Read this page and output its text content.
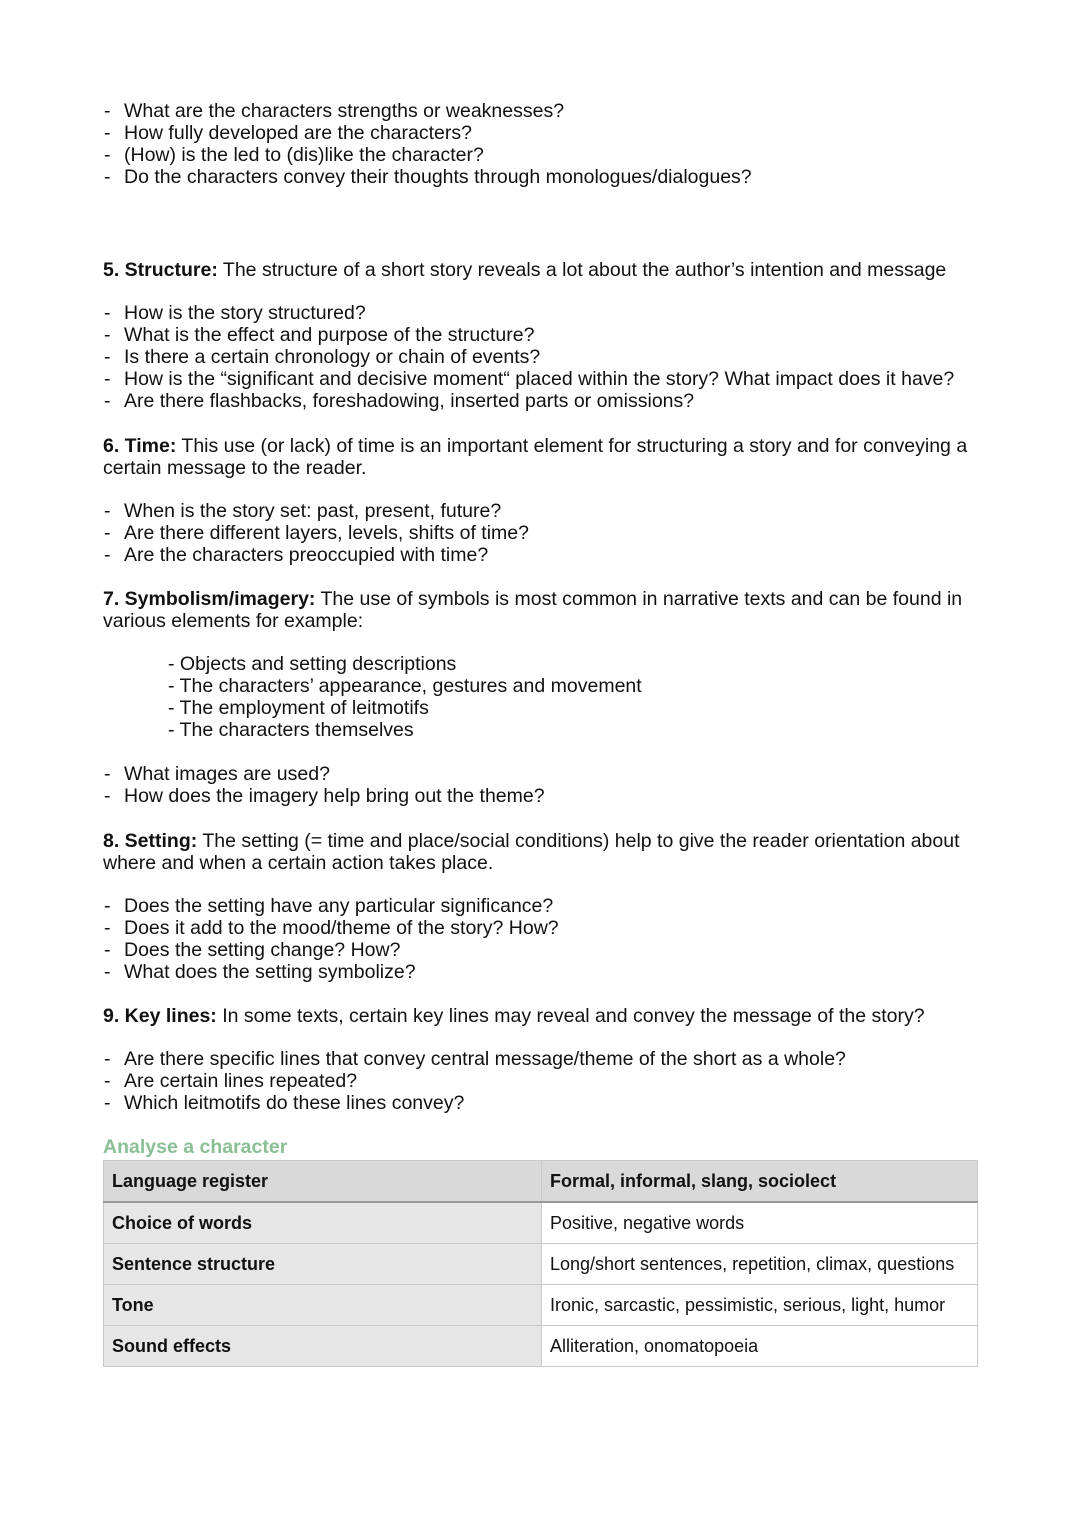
- What are the characters strengths or weaknesses?
- How fully developed are the characters?
- (How) is the led to (dis)like the character?
- Do the characters convey their thoughts through monologues/dialogues?

5. Structure: The structure of a short story reveals a lot about the author’s intention and message

- How is the story structured?
- What is the effect and purpose of the structure?
- Is there a certain chronology or chain of events?
- How is the “significant and decisive moment“ placed within the story? What impact does it have?
- Are there flashbacks, foreshadowing, inserted parts or omissions?

6. Time: This use (or lack) of time is an important element for structuring a story and for conveying a certain message to the reader.

- When is the story set: past, present, future?
- Are there different layers, levels, shifts of time?
- Are the characters preoccupied with time?

7. Symbolism/imagery: The use of symbols is most common in narrative texts and can be found in various elements for example:

- Objects and setting descriptions
- The characters’ appearance, gestures and movement
- The employment of leitmotifs
- The characters themselves
- What images are used?
- How does the imagery help bring out the theme?

8. Setting: The setting (= time and place/social conditions) help to give the reader orientation about where and when a certain action takes place.

- Does the setting have any particular significance?
- Does it add to the mood/theme of the story? How?
- Does the setting change? How?
- What does the setting symbolize?

9. Key lines: In some texts, certain key lines may reveal and convey the message of the story?

- Are there specific lines that convey central message/theme of the short as a whole?
- Are certain lines repeated?
- Which leitmotifs do these lines convey?
Analyse a character
Language register	Formal, informal, slang, sociolect
Choice of words	Positive, negative words
Sentence structure	Long/short sentences, repetition, climax, questions
Tone	Ironic, sarcastic, pessimistic, serious, light, humor
Sound effects	Alliteration, onomatopoeia
